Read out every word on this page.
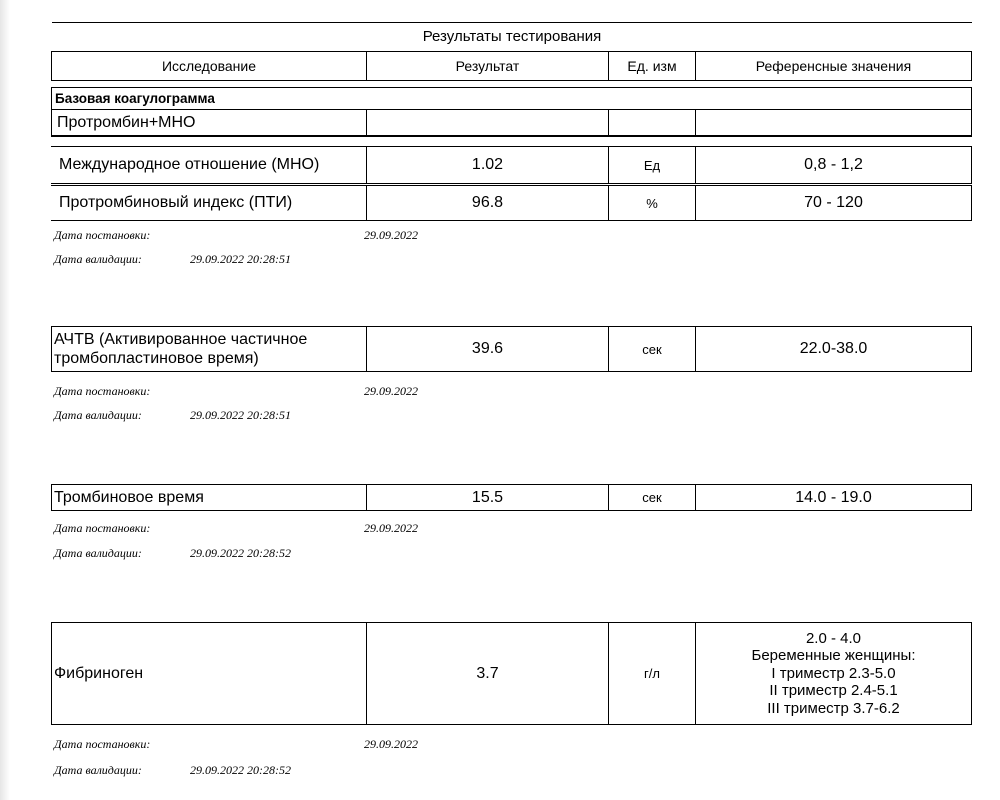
Результаты тестирования
Исследование	Результат	Ед. изм	Референсные значения
Базовая коагулограмма
Протромбин+МНО
Международное отношение (МНО)	1.02	Ед	0,8 - 1,2
Протромбиновый индекс (ПТИ)	96.8	%	70 - 120
Дата постановки:	29.09.2022
Дата валидации:	29.09.2022 20:28:51
АЧТВ (Активированное частичное
тромбопластиновое время)
39.6	сек	22.0-38.0
Дата постановки:	29.09.2022
Дата валидации:	29.09.2022 20:28:51
Тромбиновое время	15.5	сек	14.0 - 19.0
Дата постановки:	29.09.2022
Дата валидации:	29.09.2022 20:28:52
Фибриноген	3.7	г/л
2.0 - 4.0
Беременные женщины:
I триместр 2.3-5.0
II триместр 2.4-5.1
III триместр 3.7-6.2
Дата постановки:	29.09.2022
Дата валидации:	29.09.2022 20:28:52
